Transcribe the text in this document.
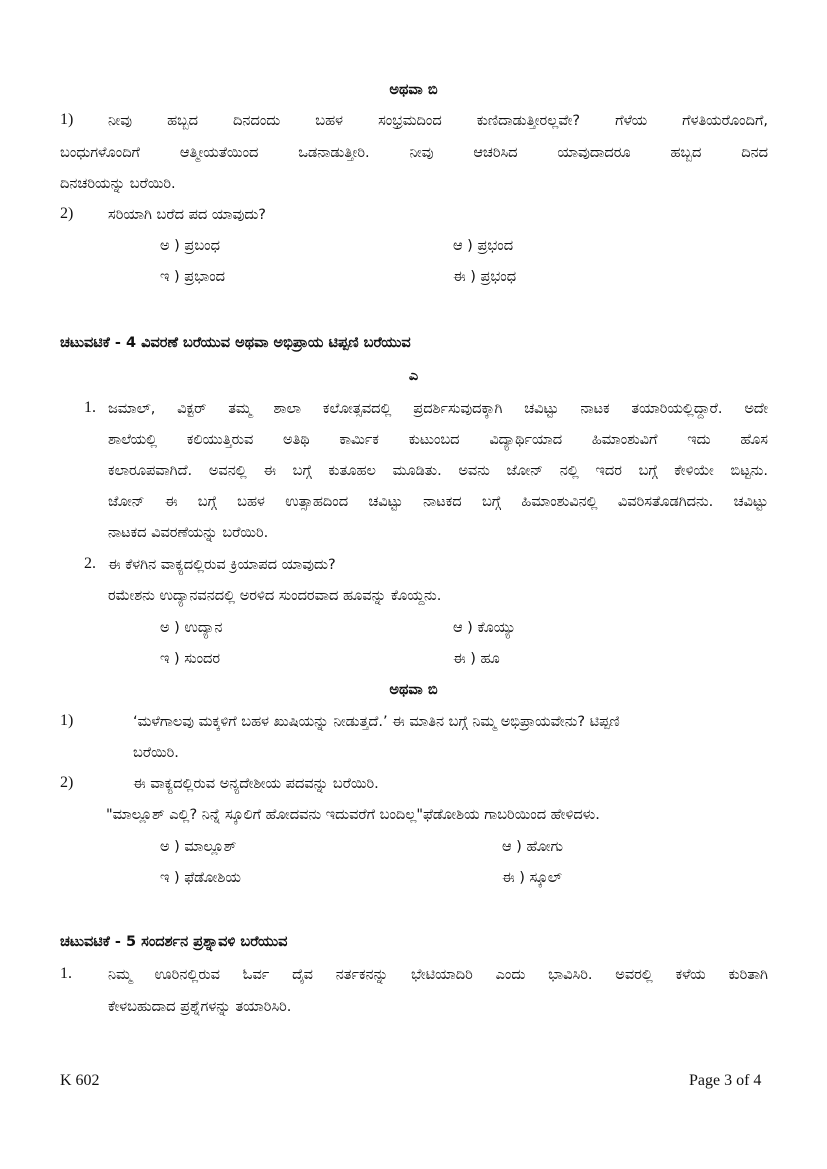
ಅಥವಾ ಬಿ
1) ನೀವು ಹಬ್ಬದ ದಿನದಂದು ಬಹಳ ಸಂಭ್ರಮದಿಂದ ಕುಣಿದಾಡುತ್ತೀರಲ್ಲವೇ? ಗೆಳೆಯ ಗೆಳತಿಯರೊಂದಿಗೆ,
ಬಂಧುಗಳೊಂದಿಗೆ ಆತ್ಮೀಯತೆಯಿಂದ ಒಡನಾಡುತ್ತೀರಿ. ನೀವು ಆಚರಿಸಿದ ಯಾವುದಾದರೂ ಹಬ್ಬದ ದಿನದ
ದಿನಚರಿಯನ್ನು ಬರೆಯಿರಿ.
2) ಸರಿಯಾಗಿ ಬರೆದ ಪದ ಯಾವುದು?
ಅ ) ಪ್ರಬಂಧ	ಆ ) ಪ್ರಭಂದ
ಇ ) ಪ್ರಭಾಂದ	ಈ ) ಪ್ರಭಂಧ
ಚಟುವಟಿಕೆ - 4 ವಿವರಣೆ ಬರೆಯುವ ಅಥವಾ ಅಭಿಪ್ರಾಯ ಟಿಪ್ಪಣಿ ಬರೆಯುವ
ಎ
1. ಜಮಾಲ್, ವಿಕ್ಟರ್ ತಮ್ಮ ಶಾಲಾ ಕಲೋತ್ಸವದಲ್ಲಿ ಪ್ರದರ್ಶಿಸುವುದಕ್ಕಾಗಿ ಚವಿಟ್ಟು ನಾಟಕ ತಯಾರಿಯಲ್ಲಿದ್ದಾರೆ. ಅದೇ
ಶಾಲೆಯಲ್ಲಿ ಕಲಿಯುತ್ತಿರುವ ಅತಿಥಿ ಕಾರ್ಮಿಕ ಕುಟುಂಬದ ವಿದ್ಯಾರ್ಥಿಯಾದ ಹಿಮಾಂಶುವಿಗೆ ಇದು ಹೊಸ
ಕಲಾರೂಪವಾಗಿದೆ. ಅವನಲ್ಲಿ ಈ ಬಗ್ಗೆ ಕುತೂಹಲ ಮೂಡಿತು. ಅವನು ಜೋನ್ ನಲ್ಲಿ ಇದರ ಬಗ್ಗೆ ಕೇಳಿಯೇ ಬಿಟ್ಟನು.
ಜೋನ್ ಈ ಬಗ್ಗೆ ಬಹಳ ಉತ್ಸಾಹದಿಂದ ಚವಿಟ್ಟು ನಾಟಕದ ಬಗ್ಗೆ ಹಿಮಾಂಶುವಿನಲ್ಲಿ ವಿವರಿಸತೊಡಗಿದನು. ಚವಿಟ್ಟು
ನಾಟಕದ ವಿವರಣೆಯನ್ನು ಬರೆಯಿರಿ.
2. ಈ ಕೆಳಗಿನ ವಾಕ್ಯದಲ್ಲಿರುವ ಕ್ರಿಯಾಪದ ಯಾವುದು?
ರಮೇಶನು ಉದ್ಯಾನವನದಲ್ಲಿ ಅರಳಿದ ಸುಂದರವಾದ ಹೂವನ್ನು ಕೊಯ್ದನು.
ಅ ) ಉದ್ಯಾನ	ಆ ) ಕೊಯ್ಯು
ಇ ) ಸುಂದರ	ಈ ) ಹೂ
ಅಥವಾ ಬಿ
1)	‘ಮಳೆಗಾಲವು ಮಕ್ಕಳಿಗೆ ಬಹಳ ಖುಷಿಯನ್ನು ನೀಡುತ್ತದೆ.’ ಈ ಮಾತಿನ ಬಗ್ಗೆ ನಿಮ್ಮ ಅಭಿಪ್ರಾಯವೇನು? ಟಿಪ್ಪಣಿ
ಬರೆಯಿರಿ.
2)	ಈ ವಾಕ್ಯದಲ್ಲಿರುವ ಅನ್ಯದೇಶೀಯ ಪದವನ್ನು ಬರೆಯಿರಿ.
"ಮಾಲ್ಲೂಶ್ ಎಲ್ಲಿ? ನಿನ್ನೆ ಸ್ಕೂಲಿಗೆ ಹೋದವನು ಇದುವರೆಗೆ ಬಂದಿಲ್ಲ"ಫೆಡೋಶಿಯ ಗಾಬರಿಯಿಂದ ಹೇಳಿದಳು.
ಅ ) ಮಾಲ್ಲೂಶ್	ಆ ) ಹೋಗು
ಇ ) ಫೆಡೋಶಿಯ	ಈ ) ಸ್ಕೂಲ್
ಚಟುವಟಿಕೆ - 5 ಸಂದರ್ಶನ ಪ್ರಶ್ನಾವಳಿ ಬರೆಯುವ
1. ನಿಮ್ಮ ಊರಿನಲ್ಲಿರುವ ಓರ್ವ ದೈವ ನರ್ತಕನನ್ನು ಭೇಟಿಯಾದಿರಿ ಎಂದು ಭಾವಿಸಿರಿ. ಅವರಲ್ಲಿ ಕಳೆಯ ಕುರಿತಾಗಿ
ಕೇಳಬಹುದಾದ ಪ್ರಶ್ನೆಗಳನ್ನು ತಯಾರಿಸಿರಿ.
K 602	Page 3 of 4
